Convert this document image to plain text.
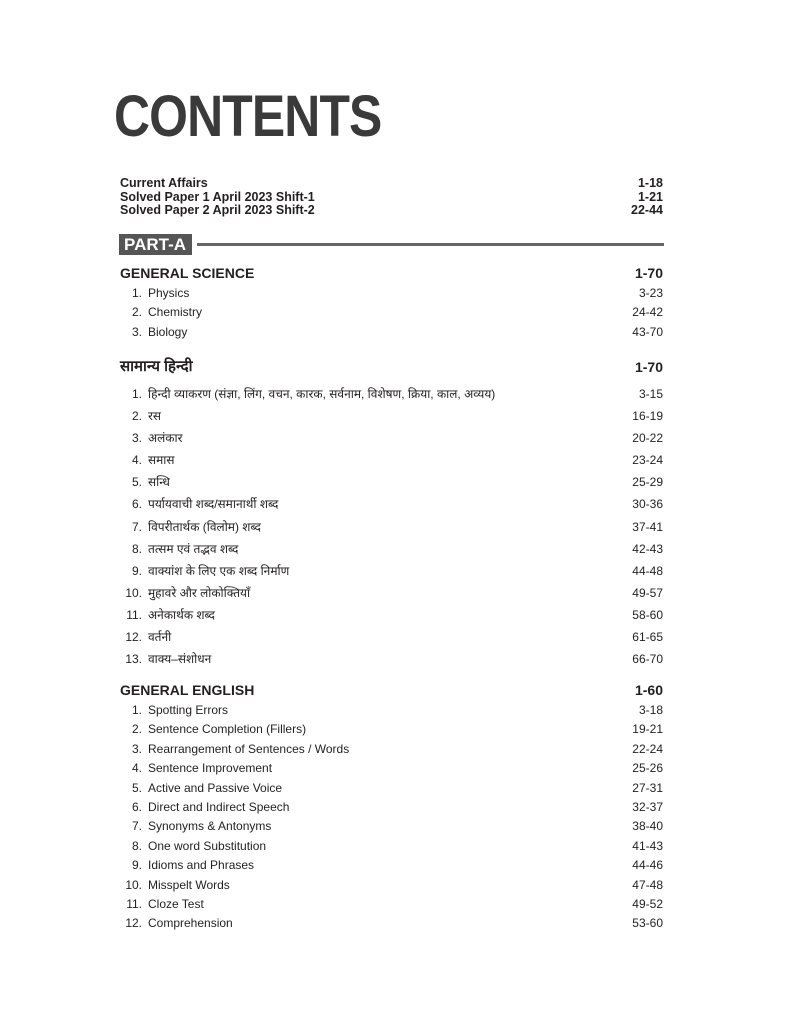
CONTENTS
Current Affairs	1-18
Solved Paper 1 April 2023 Shift-1	1-21
Solved Paper 2 April 2023 Shift-2	22-44
PART-A
GENERAL SCIENCE	1-70
1. Physics	3-23
2. Chemistry	24-42
3. Biology	43-70
सामान्य हिन्दी	1-70
1. हिन्दी व्याकरण (संज्ञा, लिंग, वचन, कारक, सर्वनाम, विशेषण, क्रिया, काल, अव्यय)	3-15
2. रस	16-19
3. अलंकार	20-22
4. समास	23-24
5. सन्धि	25-29
6. पर्यायवाची शब्द/समानार्थी शब्द	30-36
7. विपरीतार्थक (विलोम) शब्द	37-41
8. तत्सम एवं तद्भव शब्द	42-43
9. वाक्यांश के लिए एक शब्द निर्माण	44-48
10. मुहावरे और लोकोक्तियाँ	49-57
11. अनेकार्थक शब्द	58-60
12. वर्तनी	61-65
13. वाक्य–संशोधन	66-70
GENERAL ENGLISH	1-60
1. Spotting Errors	3-18
2. Sentence Completion (Fillers)	19-21
3. Rearrangement of Sentences / Words	22-24
4. Sentence Improvement	25-26
5. Active and Passive Voice	27-31
6. Direct and Indirect Speech	32-37
7. Synonyms & Antonyms	38-40
8. One word Substitution	41-43
9. Idioms and Phrases	44-46
10. Misspelt Words	47-48
11. Cloze Test	49-52
12. Comprehension	53-60
